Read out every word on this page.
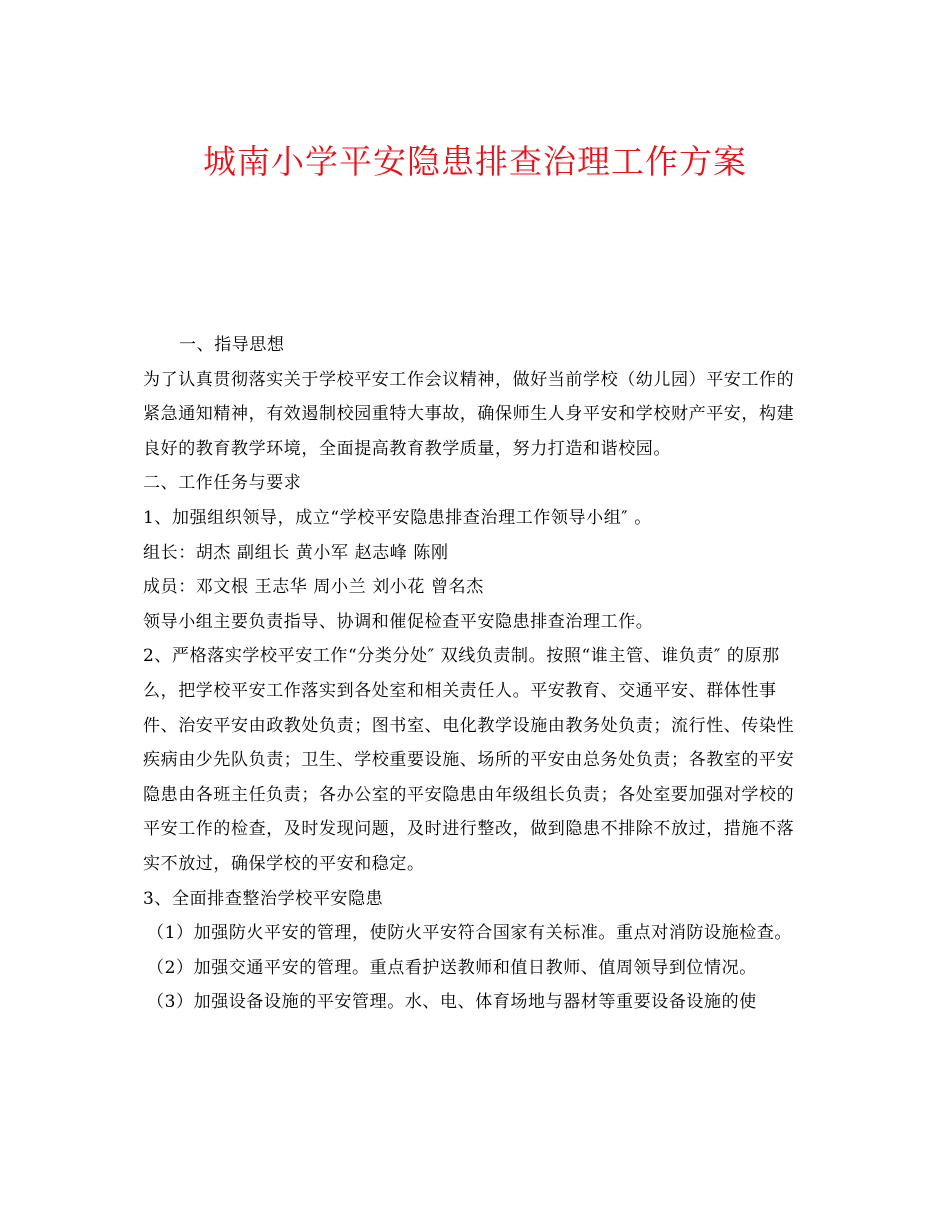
城南小学平安隐患排查治理工作方案

一、指导思想

为了认真贯彻落实关于学校平安工作会议精神，做好当前学校（幼儿园）平安工作的紧急通知精神，有效遏制校园重特大事故，确保师生人身平安和学校财产平安，构建良好的教育教学环境，全面提高教育教学质量，努力打造和谐校园。

二、工作任务与要求

1、加强组织领导，成立“学校平安隐患排查治理工作领导小组″ 。

组长：胡杰 副组长 黄小军 赵志峰 陈刚

成员：邓文根 王志华 周小兰 刘小花 曾名杰

领导小组主要负责指导、协调和催促检查平安隐患排查治理工作。

2、严格落实学校平安工作“分类分处″ 双线负责制。按照“谁主管、谁负责″ 的原那么，把学校平安工作落实到各处室和相关责任人。平安教育、交通平安、群体性事件、治安平安由政教处负责；图书室、电化教学设施由教务处负责；流行性、传染性疾病由少先队负责；卫生、学校重要设施、场所的平安由总务处负责；各教室的平安隐患由各班主任负责；各办公室的平安隐患由年级组长负责；各处室要加强对学校的平安工作的检查，及时发现问题，及时进行整改，做到隐患不排除不放过，措施不落实不放过，确保学校的平安和稳定。

3、全面排查整治学校平安隐患

（1）加强防火平安的管理，使防火平安符合国家有关标准。重点对消防设施检查。

（2）加强交通平安的管理。重点看护送教师和值日教师、值周领导到位情况。

（3）加强设备设施的平安管理。水、电、体育场地与器材等重要设备设施的使
